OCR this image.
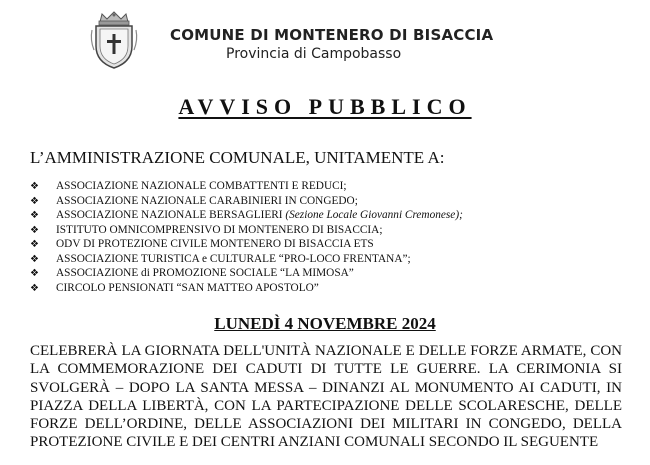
COMUNE DI MONTENERO DI BISACCIA
Provincia di Campobasso
AVVISO PUBBLICO
L’AMMINISTRAZIONE COMUNALE, UNITAMENTE A:
❖ ASSOCIAZIONE NAZIONALE COMBATTENTI E REDUCI;
❖ ASSOCIAZIONE NAZIONALE CARABINIERI IN CONGEDO;
❖ ASSOCIAZIONE NAZIONALE BERSAGLIERI (Sezione Locale Giovanni Cremonese);
❖ ISTITUTO OMNICOMPRENSIVO DI MONTENERO DI BISACCIA;
❖ ODV DI PROTEZIONE CIVILE MONTENERO DI BISACCIA ETS
❖ ASSOCIAZIONE TURISTICA e CULTURALE “PRO-LOCO FRENTANA”;
❖ ASSOCIAZIONE di PROMOZIONE SOCIALE “LA MIMOSA”
❖ CIRCOLO PENSIONATI “SAN MATTEO APOSTOLO”
LUNEDÌ 4 NOVEMBRE 2024

CELEBRERÀ LA GIORNATA DELL'UNITÀ NAZIONALE E DELLE FORZE ARMATE, CON LA COMMEMORAZIONE DEI CADUTI DI TUTTE LE GUERRE. LA CERIMONIA SI SVOLGERÀ – DOPO LA SANTA MESSA – DINANZI AL MONUMENTO AI CADUTI, IN PIAZZA DELLA LIBERTÀ, CON LA PARTECIPAZIONE DELLE SCOLARESCHE, DELLE FORZE DELL’ORDINE, DELLE ASSOCIAZIONI DEI MILITARI IN CONGEDO, DELLA PROTEZIONE CIVILE E DEI CENTRI ANZIANI COMUNALI SECONDO IL SEGUENTE
